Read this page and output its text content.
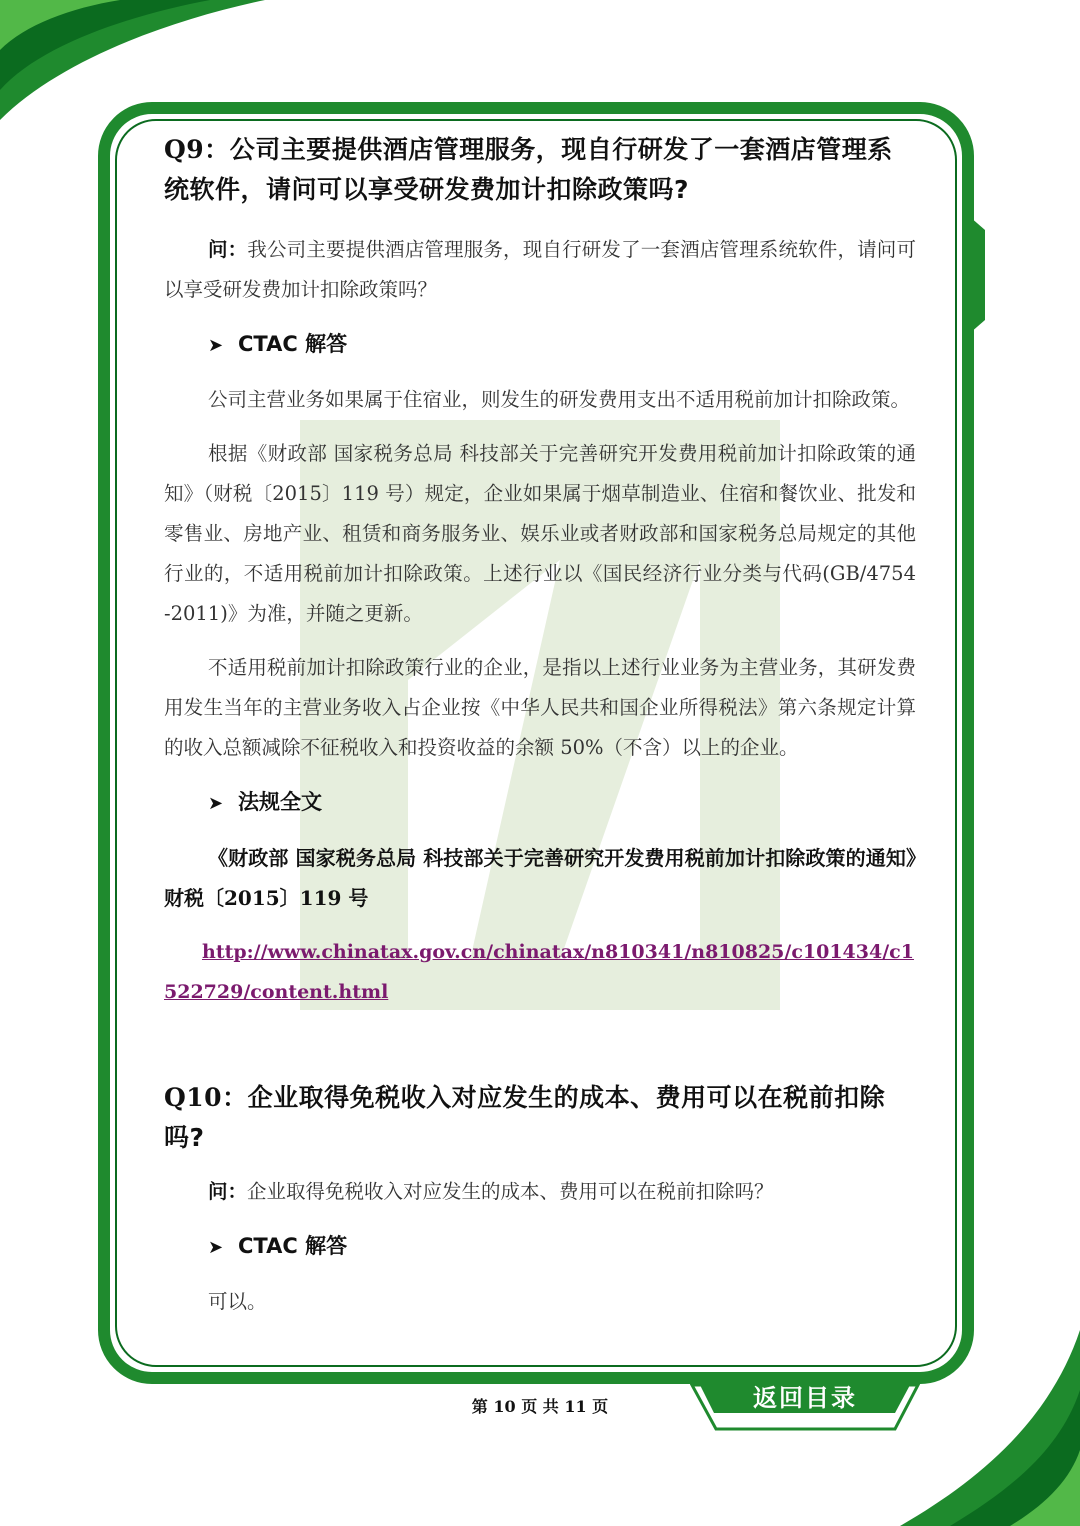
Q9：公司主要提供酒店管理服务，现自行研发了一套酒店管理系统软件，请问可以享受研发费加计扣除政策吗?

问：我公司主要提供酒店管理服务，现自行研发了一套酒店管理系统软件，请问可以享受研发费加计扣除政策吗？

➤ CTAC 解答

公司主营业务如果属于住宿业，则发生的研发费用支出不适用税前加计扣除政策。

根据《财政部 国家税务总局 科技部关于完善研究开发费用税前加计扣除政策的通知》（财税〔2015〕119 号）规定，企业如果属于烟草制造业、住宿和餐饮业、批发和零售业、房地产业、租赁和商务服务业、娱乐业或者财政部和国家税务总局规定的其他行业的，不适用税前加计扣除政策。上述行业以《国民经济行业分类与代码(GB/4754 -2011)》为准，并随之更新。

不适用税前加计扣除政策行业的企业，是指以上述行业业务为主营业务，其研发费用发生当年的主营业务收入占企业按《中华人民共和国企业所得税法》第六条规定计算的收入总额减除不征税收入和投资收益的余额 50%（不含）以上的企业。

➤ 法规全文

《财政部 国家税务总局 科技部关于完善研究开发费用税前加计扣除政策的通知》财税〔2015〕119 号

http://www.chinatax.gov.cn/chinatax/n810341/n810825/c101434/c1522729/content.html

Q10：企业取得免税收入对应发生的成本、费用可以在税前扣除吗?

问：企业取得免税收入对应发生的成本、费用可以在税前扣除吗？

➤ CTAC 解答

可以。

第 10 页 共 11 页	返回目录
